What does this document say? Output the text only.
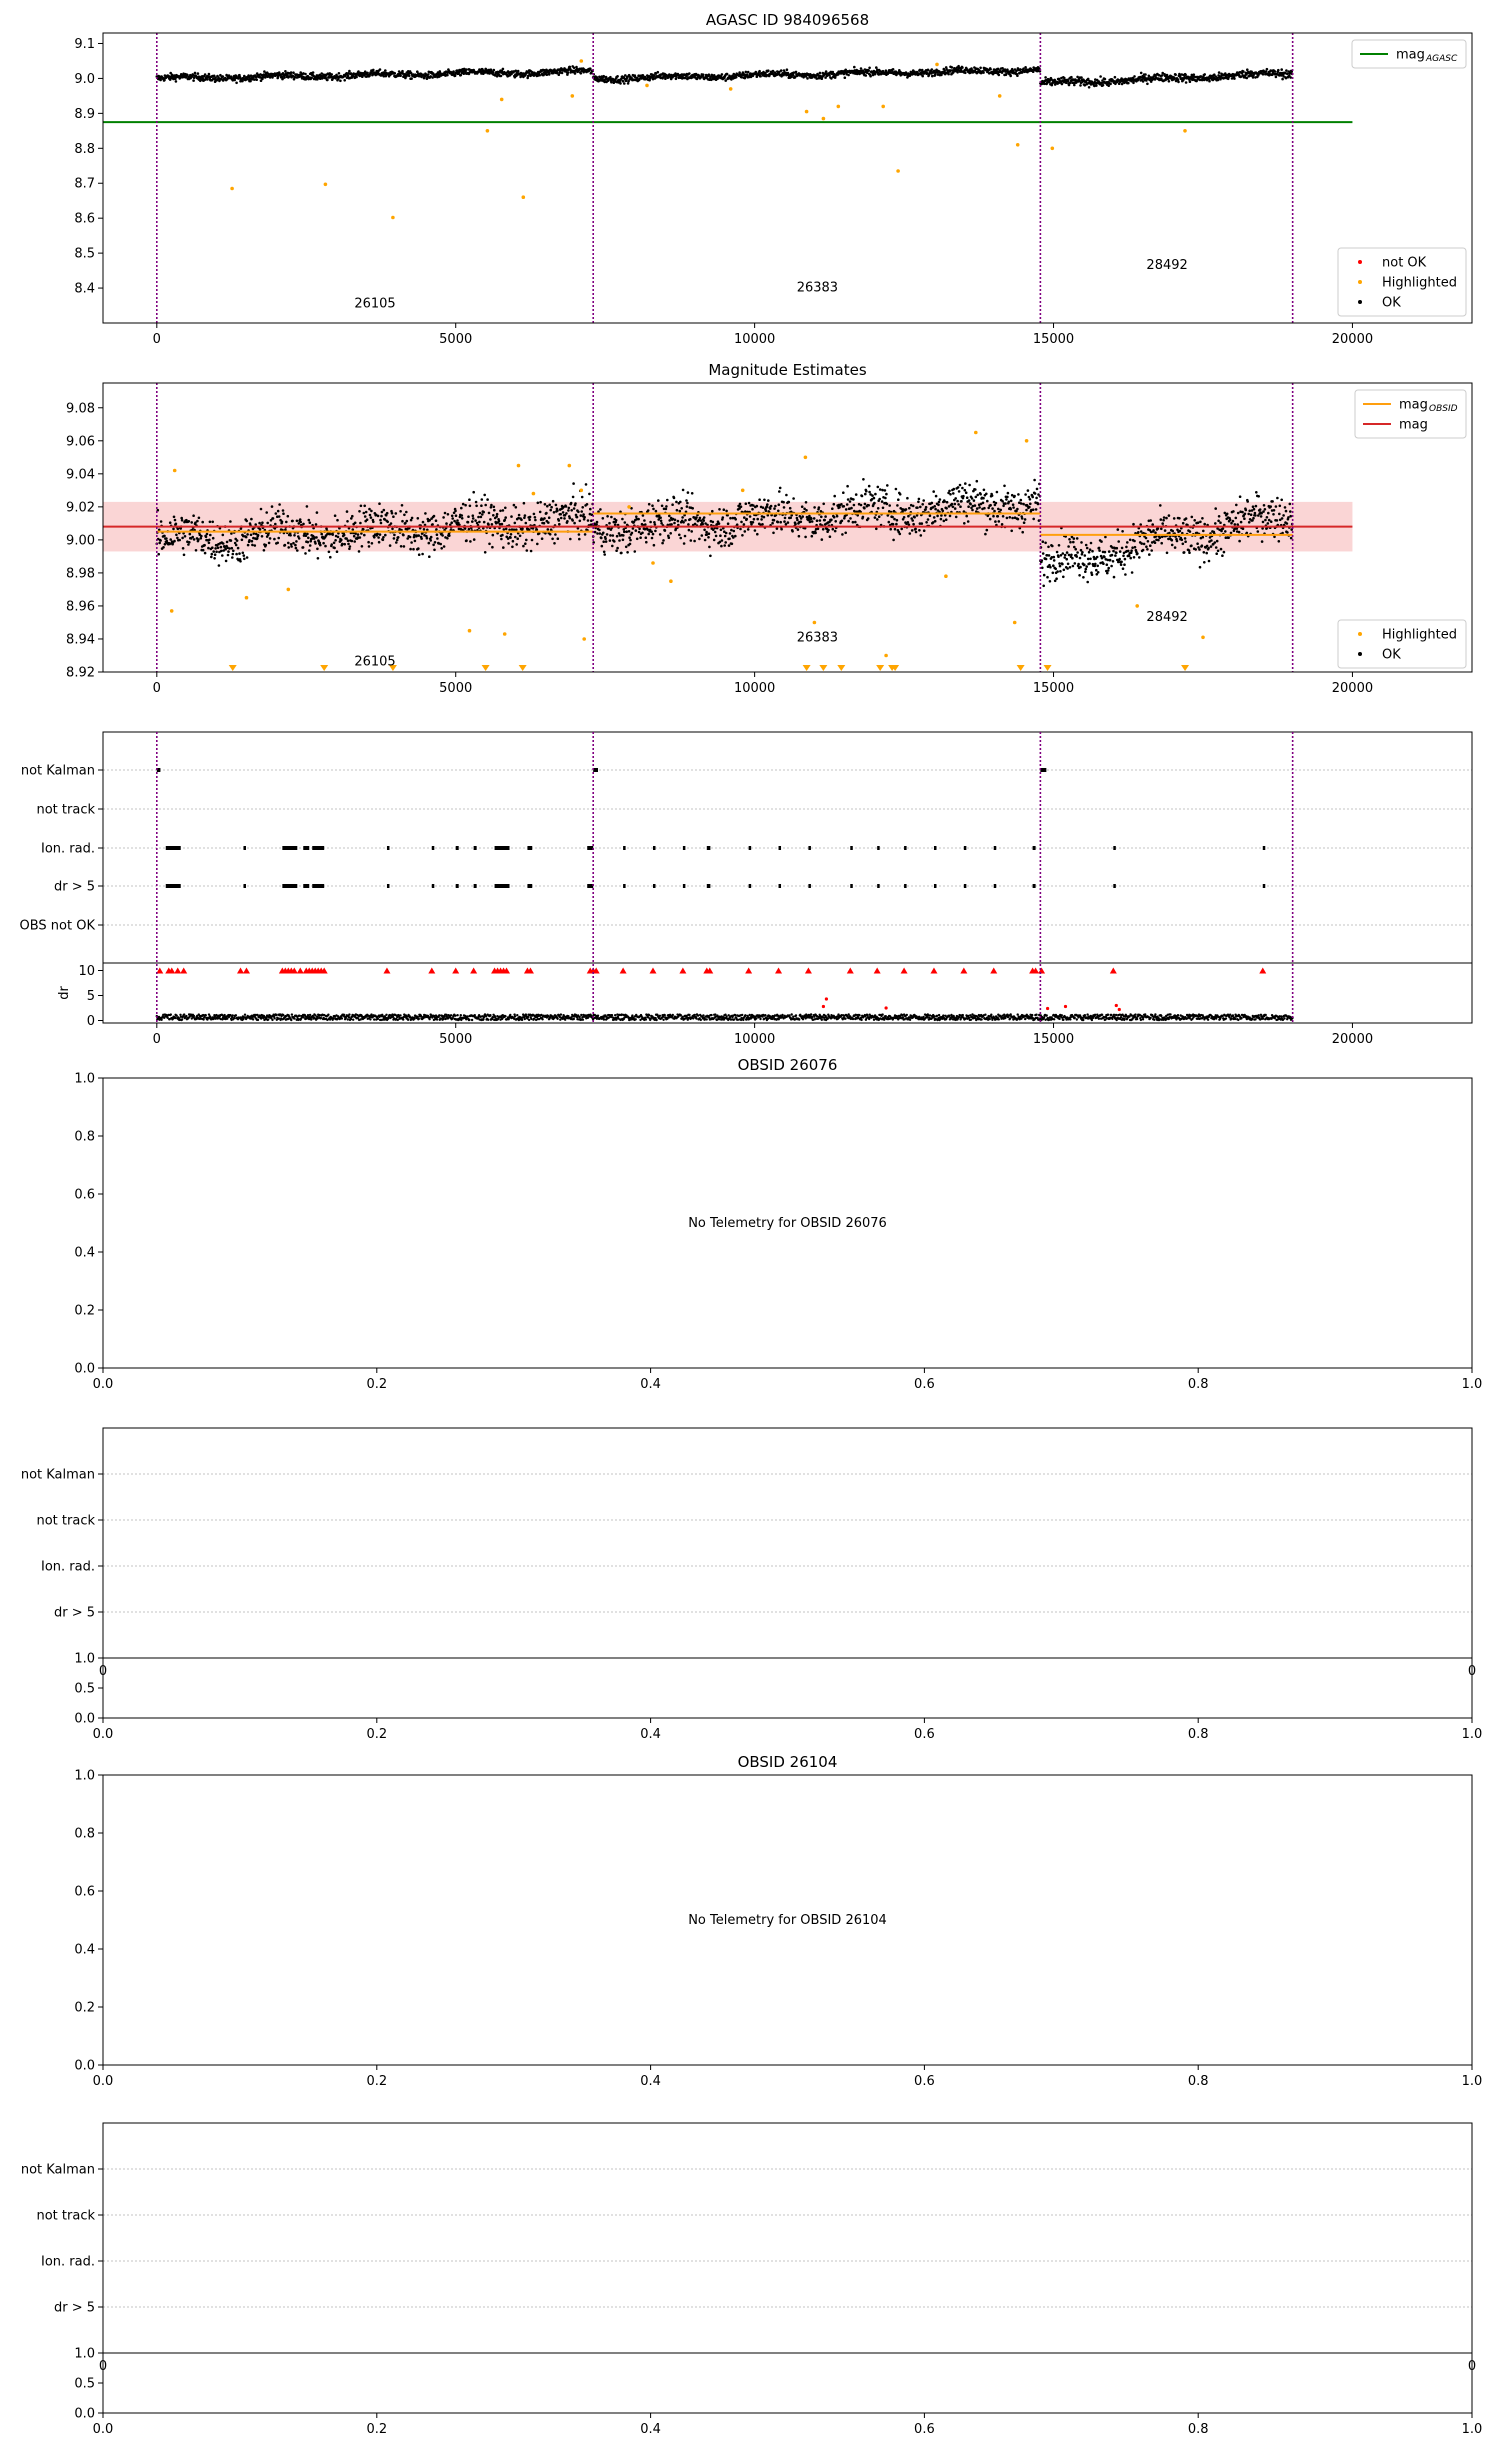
AGASC ID 984096568
26105
26383
28492
0	5000	10000	15000	20000
8.4
8.5
8.6
8.7
8.8
8.9
9.0
9.1
mag AGASC
not OK
Highlighted
OK
Magnitude Estimates
26105
26383
28492
0	5000	10000	15000	20000
8.92
8.94
8.96
8.98
9.00
9.02
9.04
9.06
9.08	mag OBSID
mag
Highlighted
OK
not Kalman
not track
Ion. rad.
dr > 5
OBS not OK
0
5
10
dr
0	5000	10000	15000	20000
OBSID 26076
No Telemetry for OBSID 26076
0.0	0.2	0.4	0.6	0.8	1.0
0.0
0.2
0.4
0.6
0.8
1.0
not Kalman
not track
Ion. rad.
dr > 5
0	0
1.0
0.0
0.5
0.0	0.2	0.4	0.6	0.8	1.0
OBSID 26104
No Telemetry for OBSID 26104
0.0	0.2	0.4	0.6	0.8	1.0
0.0
0.2
0.4
0.6
0.8
1.0
not Kalman
not track
Ion. rad.
dr > 5
0	0
1.0
0.0
0.5
0.0	0.2	0.4	0.6	0.8	1.0
